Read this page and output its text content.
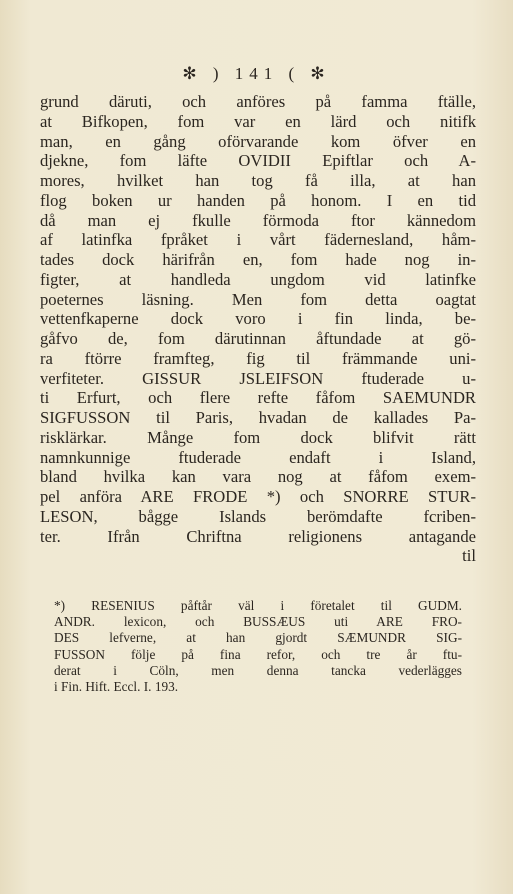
✻ ) 141 ( ✻
grund däruti, och anföres på famma ftälle,
at Bifkopen, fom var en lärd och nitifk
man, en gång oförvarande kom öfver en
djekne, fom läfte OVIDII Epiftlar och A-
mores, hvilket han tog få illa, at han
flog boken ur handen på honom. I en tid
då man ej fkulle förmoda ftor kännedom
af latinfka fpråket i vårt fädernesland, håm-
tades dock härifrån en, fom hade nog in-
figter, at handleda ungdom vid latinfke
poeternes läsning. Men fom detta oagtat
vettenfkaperne dock voro i fin linda, be-
gåfvo de, fom därutinnan åftundade at gö-
ra ftörre framfteg, fig til främmande uni-
verfiteter. GISSUR JSLEIFSON ftuderade u-
ti Erfurt, och flere refte fåfom SAEMUNDR
SIGFUSSON til Paris, hvadan de kallades Pa-
risklärkar. Månge fom dock blifvit rätt
namnkunnige ftuderade endaft i Island,
bland hvilka kan vara nog at fåfom exem-
pel anföra ARE FRODE *) och SNORRE STUR-
LESON, bågge Islands berömdafte fcriben-
ter. Ifrån Chriftna religionens antagande
til
*) RESENIUS påftår väl i företalet til GUDM.
ANDR. lexicon, och BUSSÆUS uti ARE FRO-
DES lefverne, at han gjordt SÆMUNDR SIG-
FUSSON följe på fina refor, och tre år ftu-
derat i Cöln, men denna tancka vederlägges
i Fin. Hift. Eccl. I. 193.
